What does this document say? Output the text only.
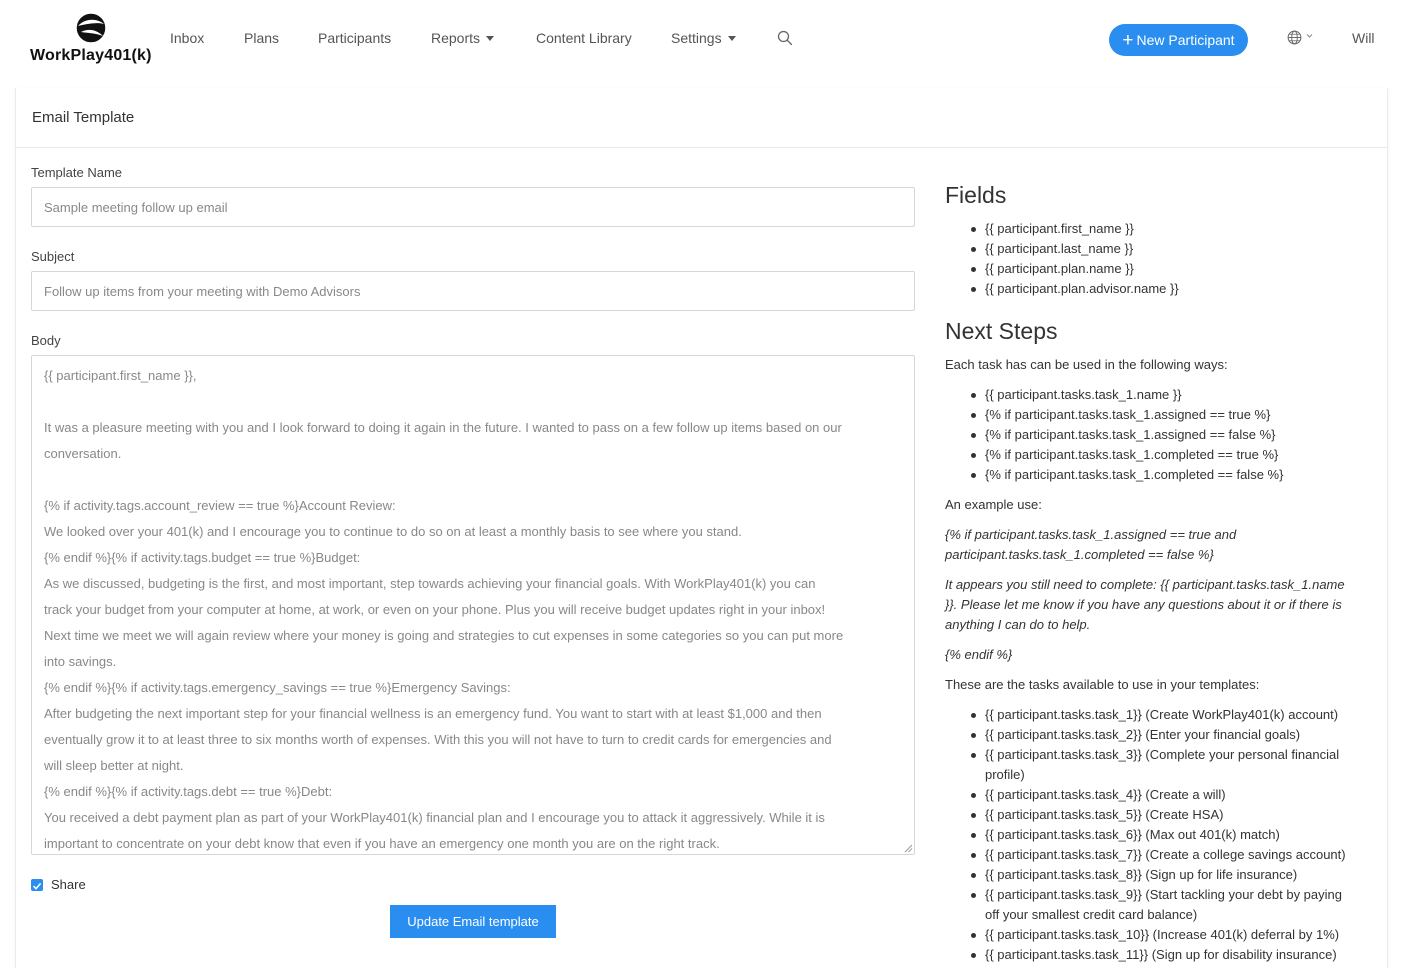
WorkPlay401(k)
Inbox	Plans	Participants	Reports	Content Library	Settings	+ New Participant	Will
Email Template
Template Name
Sample meeting follow up email
Subject
Follow up items from your meeting with Demo Advisors
Body
{{ participant.first_name }},
It was a pleasure meeting with you and I look forward to doing it again in the future. I wanted to pass on a few follow up items based on our
conversation.
{% if activity.tags.account_review == true %}Account Review:
We looked over your 401(k) and I encourage you to continue to do so on at least a monthly basis to see where you stand.
{% endif %}{% if activity.tags.budget == true %}Budget:
As we discussed, budgeting is the first, and most important, step towards achieving your financial goals. With WorkPlay401(k) you can
track your budget from your computer at home, at work, or even on your phone. Plus you will receive budget updates right in your inbox!
Next time we meet we will again review where your money is going and strategies to cut expenses in some categories so you can put more
into savings.
{% endif %}{% if activity.tags.emergency_savings == true %}Emergency Savings:
After budgeting the next important step for your financial wellness is an emergency fund. You want to start with at least $1,000 and then
eventually grow it to at least three to six months worth of expenses. With this you will not have to turn to credit cards for emergencies and
will sleep better at night.
{% endif %}{% if activity.tags.debt == true %}Debt:
You received a debt payment plan as part of your WorkPlay401(k) financial plan and I encourage you to attack it aggressively. While it is
important to concentrate on your debt know that even if you have an emergency one month you are on the right track.
Share
Update Email template
Fields
{{ participant.first_name }}
{{ participant.last_name }}
{{ participant.plan.name }}
{{ participant.plan.advisor.name }}
Next Steps
Each task has can be used in the following ways:
{{ participant.tasks.task_1.name }}
{% if participant.tasks.task_1.assigned == true %}
{% if participant.tasks.task_1.assigned == false %}
{% if participant.tasks.task_1.completed == true %}
{% if participant.tasks.task_1.completed == false %}
An example use:
{% if participant.tasks.task_1.assigned == true and
participant.tasks.task_1.completed == false %}
It appears you still need to complete: {{ participant.tasks.task_1.name
}}. Please let me know if you have any questions about it or if there is
anything I can do to help.
{% endif %}
These are the tasks available to use in your templates:
{{ participant.tasks.task_1}} (Create WorkPlay401(k) account)
{{ participant.tasks.task_2}} (Enter your financial goals)
{{ participant.tasks.task_3}} (Complete your personal financial
profile)
{{ participant.tasks.task_4}} (Create a will)
{{ participant.tasks.task_5}} (Create HSA)
{{ participant.tasks.task_6}} (Max out 401(k) match)
{{ participant.tasks.task_7}} (Create a college savings account)
{{ participant.tasks.task_8}} (Sign up for life insurance)
{{ participant.tasks.task_9}} (Start tackling your debt by paying
off your smallest credit card balance)
{{ participant.tasks.task_10}} (Increase 401(k) deferral by 1%)
{{ participant.tasks.task_11}} (Sign up for disability insurance)
